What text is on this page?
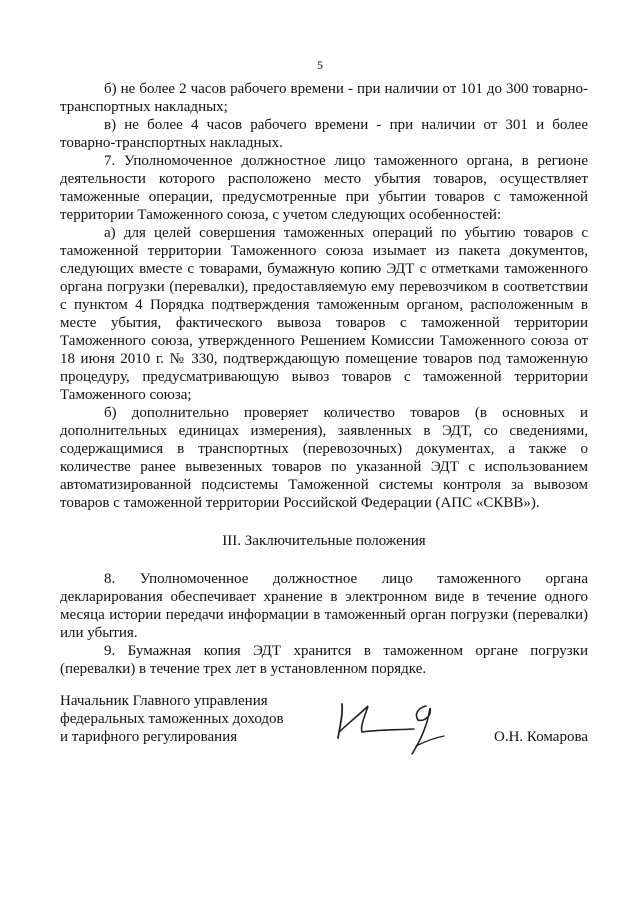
5

б) не более 2 часов рабочего времени - при наличии от 101 до 300 товарно-транспортных накладных;

в) не более 4 часов рабочего времени - при наличии от 301 и более товарно-транспортных накладных.

7. Уполномоченное должностное лицо таможенного органа, в регионе деятельности которого расположено место убытия товаров, осуществляет таможенные операции, предусмотренные при убытии товаров с таможенной территории Таможенного союза, с учетом следующих особенностей:

а) для целей совершения таможенных операций по убытию товаров с таможенной территории Таможенного союза изымает из пакета документов, следующих вместе с товарами, бумажную копию ЭДТ с отметками таможенного органа погрузки (перевалки), предоставляемую ему перевозчиком в соответствии с пунктом 4 Порядка подтверждения таможенным органом, расположенным в месте убытия, фактического вывоза товаров с таможенной территории Таможенного союза, утвержденного Решением Комиссии Таможенного союза от 18 июня 2010 г. № 330, подтверждающую помещение товаров под таможенную процедуру, предусматривающую вывоз товаров с таможенной территории Таможенного союза;

б) дополнительно проверяет количество товаров (в основных и дополнительных единицах измерения), заявленных в ЭДТ, со сведениями, содержащимися в транспортных (перевозочных) документах, а также о количестве ранее вывезенных товаров по указанной ЭДТ с использованием автоматизированной подсистемы Таможенной системы контроля за вывозом товаров с таможенной территории Российской Федерации (АПС «СКВВ»).

III. Заключительные положения

8. Уполномоченное должностное лицо таможенного органа декларирования обеспечивает хранение в электронном виде в течение одного месяца истории передачи информации в таможенный орган погрузки (перевалки) или убытия.

9. Бумажная копия ЭДТ хранится в таможенном органе погрузки (перевалки) в течение трех лет в установленном порядке.

Начальник Главного управления
федеральных таможенных доходов
и тарифного регулирования	О.Н. Комарова
